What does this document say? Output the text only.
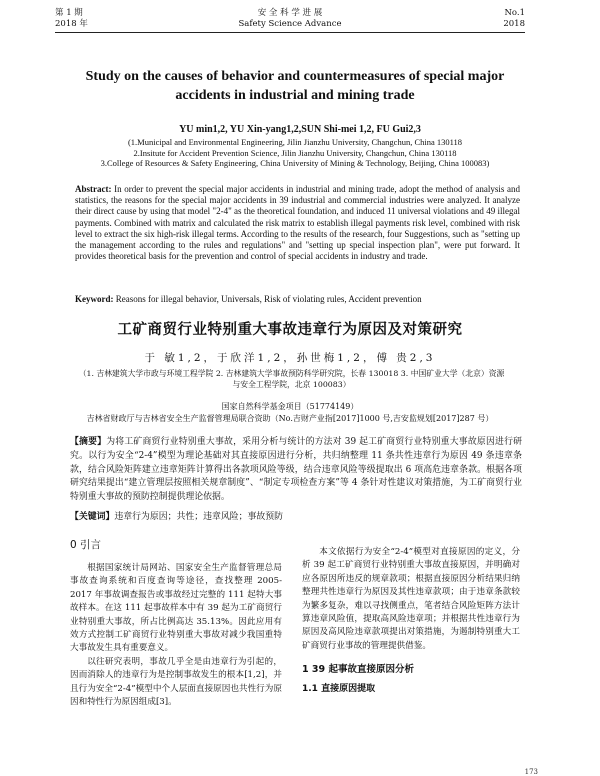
第 1 期
2018 年
安 全 科 学 进 展
Safety Science Advance
No.1
2018
Study on the causes of behavior and countermeasures of special major accidents in industrial and mining trade
YU min1,2, YU Xin-yang1,2,SUN Shi-mei 1,2, FU Gui2,3
(1.Municipal and Environmental Engineering, Jilin Jianzhu University, Changchun, China 130118
2.Insitute for Accident Prevention Science, Jilin Jianzhu University, Changchun, China 130118
3.College of Resources & Safety Engineering, China University of Mining & Technology, Beijing, China 100083)
Abstract: In order to prevent the special major accidents in industrial and mining trade, adopt the method of analysis and statistics, the reasons for the special major accidents in 39 industrial and commercial industries were analyzed. It analyze their direct cause by using that model "2-4" as the theoretical foundation, and induced 11 universal violations and 49 illegal payments. Combined with matrix and calculated the risk matrix to establish illegal payments risk level, combined with risk level to extract the six high-risk illegal terms. According to the results of the research, four Suggestions, such as "setting up the management according to the rules and regulations" and "setting up special inspection plan", were put forward. It provides theoretical basis for the prevention and control of special accidents in industry and trade.
Keyword: Reasons for illegal behavior, Universals, Risk of violating rules, Accident prevention
工矿商贸行业特别重大事故违章行为原因及对策研究
于 敏1,2，于欣洋1,2，孙世梅1,2，傅 贵2,3
（1. 吉林建筑大学市政与环境工程学院 2. 吉林建筑大学事故预防科学研究院，长春 130018 3. 中国矿业大学（北京）资源与安全工程学院，北京 100083）
国家自然科学基金项目（51774149）
吉林省财政厅与吉林省安全生产监督管理局联合资助（No.吉财产业指[2017]1000 号,吉安监规划[2017]287 号）
【摘要】为将工矿商贸行业特别重大事故，采用分析与统计的方法对 39 起工矿商贸行业特别重大事故原因进行研究。以行为安全“2-4”模型为理论基础对其直接原因进行分析，共归纳整理 11 条共性违章行为原因 49 条违章条款，结合风险矩阵建立违章矩阵计算得出各款项风险等级，结合违章风险等级提取出 6 项高危违章条款。根据各项研究结果提出“建立管理层按照相关规章制度”、“制定专项检查方案”等 4 条针对性建议对策措施，为工矿商贸行业特别重大事故的预防控制提供理论依据。
【关键词】违章行为原因；共性；违章风险；事故预防
0 引言

根据国家统计局网站、国家安全生产监督管理总局事故查询系统和百度查询等途径，查找整理 2005-2017 年事故调查报告或事故经过完整的 111 起特大事故样本。在这 111 起事故样本中有 39 起为工矿商贸行业特别重大事故，所占比例高达 35.13%。因此应用有效方式控制工矿商贸行业特别重大事故对减少我国重特大事故发生具有重要意义。

以往研究表明，事故几乎全是由违章行为引起的，因而消除人的违章行为是控制事故发生的根本[1,2]，并且行为安全“2-4”模型中个人层面直接原因也共性行为原因和特性行为原因组成[3]。

本文依据行为安全“2-4”模型对直接原因的定义，分析 39 起工矿商贸行业特别重大事故直接原因，并明确对应各原因所违反的规章款项；根据直接原因分析结果归纳整理共性违章行为原因及其性违章款项；由于违章条款较为繁多复杂，难以寻找侧重点，笔者结合风险矩阵方法计算违章风险值，提取高风险违章项；并根据共性违章行为原因及高风险违章款项提出对策措施，为遏制特别重大工矿商贸行业事故的管理提供借鉴。

1 39 起事故直接原因分析
1.1 直接原因提取
173
